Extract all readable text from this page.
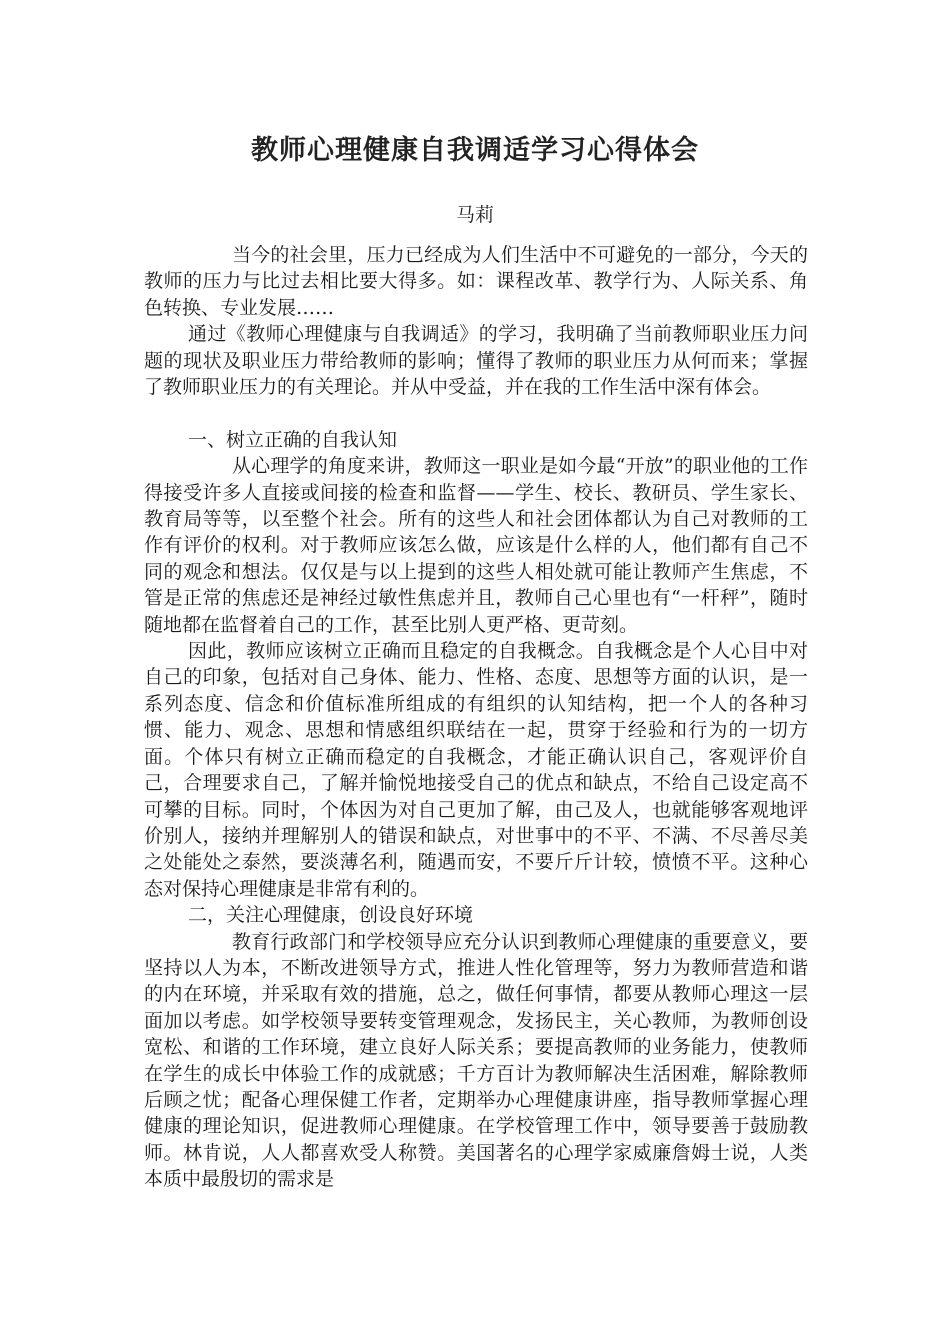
教师心理健康自我调适学习心得体会
马莉

当今的社会里，压力已经成为人们生活中不可避免的一部分，今天的教师的压力与比过去相比要大得多。如：课程改革、教学行为、人际关系、角色转换、专业发展……

通过《教师心理健康与自我调适》的学习，我明确了当前教师职业压力问题的现状及职业压力带给教师的影响；懂得了教师的职业压力从何而来；掌握了教师职业压力的有关理论。并从中受益，并在我的工作生活中深有体会。

一、树立正确的自我认知

从心理学的角度来讲，教师这一职业是如今最“开放”的职业他的工作得接受许多人直接或间接的检查和监督——学生、校长、教研员、学生家长、教育局等等，以至整个社会。所有的这些人和社会团体都认为自己对教师的工作有评价的权利。对于教师应该怎么做，应该是什么样的人，他们都有自己不同的观念和想法。仅仅是与以上提到的这些人相处就可能让教师产生焦虑，不管是正常的焦虑还是神经过敏性焦虑并且，教师自己心里也有“一杆秤”，随时随地都在监督着自己的工作，甚至比别人更严格、更苛刻。

因此，教师应该树立正确而且稳定的自我概念。自我概念是个人心目中对自己的印象，包括对自己身体、能力、性格、态度、思想等方面的认识，是一系列态度、信念和价值标准所组成的有组织的认知结构，把一个人的各种习惯、能力、观念、思想和情感组织联结在一起，贯穿于经验和行为的一切方面。个体只有树立正确而稳定的自我概念，才能正确认识自己，客观评价自己，合理要求自己，了解并愉悦地接受自己的优点和缺点，不给自己设定高不可攀的目标。同时，个体因为对自己更加了解，由己及人，也就能够客观地评价别人，接纳并理解别人的错误和缺点，对世事中的不平、不满、不尽善尽美之处能处之泰然，要淡薄名利，随遇而安，不要斤斤计较，愤愤不平。这种心态对保持心理健康是非常有利的。

二，关注心理健康，创设良好环境

教育行政部门和学校领导应充分认识到教师心理健康的重要意义，要坚持以人为本，不断改进领导方式，推进人性化管理等，努力为教师营造和谐的内在环境，并采取有效的措施，总之，做任何事情，都要从教师心理这一层面加以考虑。如学校领导要转变管理观念，发扬民主，关心教师，为教师创设宽松、和谐的工作环境，建立良好人际关系；要提高教师的业务能力，使教师在学生的成长中体验工作的成就感；千方百计为教师解决生活困难，解除教师后顾之忧；配备心理保健工作者，定期举办心理健康讲座，指导教师掌握心理健康的理论知识，促进教师心理健康。在学校管理工作中，领导要善于鼓励教师。林肯说，人人都喜欢受人称赞。美国著名的心理学家威廉詹姆士说，人类本质中最殷切的需求是
